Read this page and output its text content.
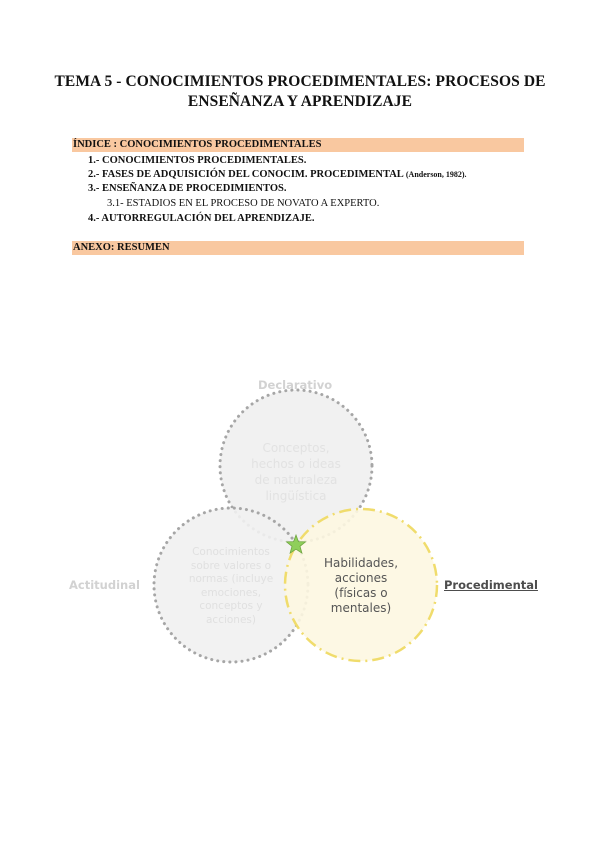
TEMA 5 - CONOCIMIENTOS PROCEDIMENTALES: PROCESOS DE
ENSEÑANZA Y APRENDIZAJE
ÍNDICE : CONOCIMIENTOS PROCEDIMENTALES
1.- CONOCIMIENTOS PROCEDIMENTALES.
2.- FASES DE ADQUISICIÓN DEL CONOCIM. PROCEDIMENTAL (Anderson, 1982).
3.- ENSEÑANZA DE PROCEDIMIENTOS.
3.1- ESTADIOS EN EL PROCESO DE NOVATO A EXPERTO.
4.- AUTORREGULACIÓN DEL APRENDIZAJE.
ANEXO: RESUMEN
Declarativo
Actitudinal	Procedimental
Conceptos,
hechos o ideas
de naturaleza
lingüística
Conocimientos
sobre valores o
normas (incluye
emociones,
conceptos y
acciones)
Habilidades,
acciones
(físicas o
mentales)
